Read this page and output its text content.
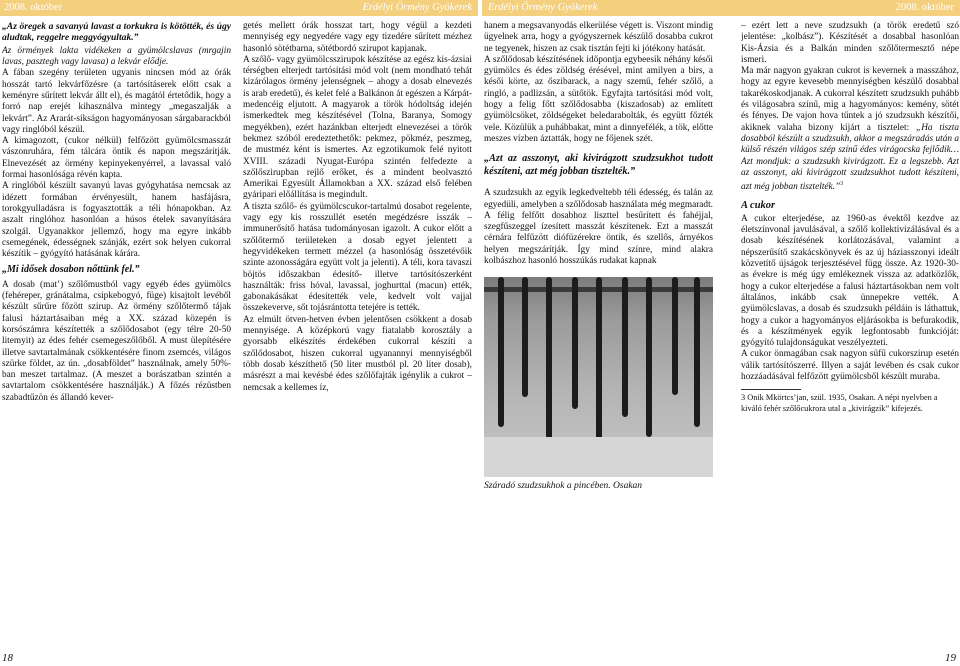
2008. október	Erdélyi Örmény Gyökerek

„Az öregek a savanyú lavast a torkukra is kötötték, és úgy aludtak, reggelre meggyógyultak.”

Az örmények lakta vidékeken a gyümölcslavas (mrgajin lavas, pasztegh vagy lavasa) a lekvár elődje.

A fában szegény területen ugyanis nincsen mód az órák hosszát tartó lekvárfőzésre (a tartósításerek előtt csak a keményre sűrített lekvár állt el), és magától értetődik, hogy a forró nap erejét kihasználva mintegy „megaszalják a lekvárt”. Az Ararát-síkságon hagyományosan sárgabarackból vagy ringlóból készül.

A kimagozott, (cukor nélkül) felfőzött gyümölcsmasszát vászonruhára, fém tálcára öntik és napon megszárítják. Elnevezését az örmény kepinyekenyérrel, a lavassal való formai hasonlósága révén kapta.

A ringlóból készült savanyú lavas gyógyhatása nemcsak az idézett formában érvényesült, hanem hasfájásra, torokgyulladásra is fogyasztották a téli hónapokban. Az aszalt ringlóhoz hasonlóan a húsos ételek savanyítására szolgál. Ugyanakkor jellemző, hogy ma egyre inkább csemegének, édességnek szánják, ezért sok helyen cukorral készítik – gyógyító hatásának kárára.

„Mi idősek dosabon nőttünk fel.”

A dosab (mat’) szőlőmustból vagy egyéb édes gyümölcs (fehéreper, gránátalma, csipkebogyó, füge) kisajtolt levéből készült sűrűre főzött szirup. Az örmény szőlőtermő tájak falusi háztartásaiban még a XX. század közepén is korsószámra készítették a szőlődosabot (egy télre 20-50 litemyit) az édes fehér csemegeszőlőből. A must ülepítésére illetve savtartalmának csökkentésére finom zsemcés, világos szürke földet, az ún. „dosabföldet” használnak, amely 50%-ban meszet tartalmaz. (A meszet a borászatban szintén a savtartalom csökkentésére használják.) A főzés rézüstben szabadtűzön és állandó kever-

getés mellett órák hosszat tart, hogy végül a kezdeti mennyiség egy negyedére vagy egy tizedére sűrített mézhez hasonló sötétbarna, sötétbordó szirupot kapjanak.

A szőlő- vagy gyümölcsszirupok készítése az egész kis-ázsiai térségben elterjedt tartósítási mód volt (nem mondható tehát kizárólagos örmény jelenségnek – ahogy a dosab elnevezés is arab eredetű), és kelet felé a Balkánon át egészen a Kárpát-medencéig eljutott. A magyarok a török hódoltság idején ismerkedtek meg készítésével (Tolna, Baranya, Somogy megyékben), ezért hazánkban elterjedt elnevezései a török bekmez szóból eredeztethetők: pekmez, pökméz, peszmeg, de mustméz ként is ismertes. Az egzotikumok felé nyitott XVIII. századi Nyugat-Európa szintén felfedezte a szőlőszirupban rejlő erőket, és a mindent beolvasztó Amerikai Egyesült Államokban a XX. század első felében gyáripari előállítása is megindult.

A tiszta szőlő- és gyümölcscukor-tartalmú dosabot regelente, vagy egy kis rosszullét esetén megédzésre isszák – immunerősítő hatása tudományosan igazolt. A cukor előtt a szőlőtermő területeken a dosab egyet jelentett a hegyvidékeken termett mézzel (a hasonlóság összetévőik szinte azonosságára együtt volt ja jelenti). A téli, kora tavaszi böjtös időszakban édesítő- illetve tartósítószerként használták: friss hóval, lavassal, joghurttal (macun) ették, gabonakásákat édesítették vele, kedvelt volt vajjal összekeverve, sőt tojásrántotta tetejére is tették.

Az elmúlt ötven-hetven évben jelentősen csökkent a dosab mennyisége. A középkorú vagy fiatalabb korosztály a gyorsabb elkészítés érdekében cukorral készíti a szőlődosabot, hiszen cukorral ugyanannyi mennyiségből több dosab készíthető (50 liter mustból pl. 20 liter dosab), másrészt a mai kevésbé édes szőlőfajták igénylik a cukrot – nemcsak a kellemes íz,

18
Erdélyi Örmény Gyökerek	2008. október

hanem a megsavanyodás elkerülése végett is. Viszont mindig ügyelnek arra, hogy a gyógyszernek készülő dosabba cukrot ne tegyenek, hiszen az csak tisztán fejti ki jótékony hatását.

A szőlődosab készítésének időpontja egybeesik néhány késői gyümölcs és édes zöldség érésével, mint amilyen a birs, a késői körte, az őszibarack, a nagy szemű, fehér szőlő, a ringló, a padlizsán, a sütőtök. Egyfajta tartósítási mód volt, hogy a felig főtt szőlődosabba (kiszadosab) az említett gyümölcsöket, zöldségeket beledarabolták, és együtt főzték vele. Közülük a puhábbakat, mint a dinnyefélék, a tök, előtte meszes vízben áztatták, hogy ne főjenek szét.

„Azt az asszonyt, aki kivirágzott szudzsukhot tudott készíteni, azt még jobban tisztelték.”

A szudzsukh az egyik legkedveltebb téli édesség, és talán az egyedüli, amelyben a szőlődosab használata még megmaradt. A félig felfőtt dosabhoz liszttel besűrített és fahéjjal, szegfűszeggel ízesített masszát készítenek. Ezt a masszát cérnára felfűzött diófüzérekre öntik, és szellős, árnyékos helyen megszárítják. Így mind színre, mind alakra kolbászhoz hasonló hosszúkás rudakat kapnak

Száradó szudzsukhok a pincében. Osakan

– ezért lett a neve szudzsukh (a török eredetű szó jelentése: „kolbász”). Készítését a dosabbal hasonlóan Kis-Ázsia és a Balkán minden szőlőtermesztő népe ismeri.

Ma már nagyon gyakran cukrot is kevernek a masszához, hogy az egyre kevesebb mennyiségben készülő dosabbal takarékoskodjanak. A cukorral készített szudzsukh puhább és világosabra színű, mig a hagyományos: kemény, sötét és fényes. De vajon hova tűntek a jó szudzsukh készítői, akiknek valaha bizony kijárt a tisztelet: „Ha tiszta dosabból készült a szudzsukh, akkor a megszáradás után a külső részén világos szép színű édes virágocska fejlődik… Azt mondjuk: a szudzsukh kivirágzott. Ez a legszebb. Azt az asszonyt, aki kivirágzott szudzsukhot tudott készíteni, azt még jobban tisztelték.”$^3$

A cukor

A cukor elterjedése, az 1960-as évektől kezdve az életszínvonal javulásával, a szőlő kollektivizálásával és a dosab készítésének korlátozásával, valamint a népszerűsítő szakácskönyvek és az új háziasszonyi ideált közvetítő újságok terjesztésével függ össze. Az 1920-30-as évekre is még úgy emlékeznek vissza az adatközlők, hogy a cukor elterjedése a falusi háztartásokban nem volt általános, inkább csak ünnepekre vették. A gyümölcslavas, a dosab és szudzsukh példáin is láthattuk, hogy a cukor a hagyományos eljárásokba is befurakodik, és a készítmények egyik legfontosabb funkcióját: gyógyító tulajdonságukat veszélyezteti.

A cukor önmagában csak nagyon süfű cukorszirup esetén válik tartósítószerré. Illyen a saját levében és csak cukor hozzáadásával felfőzött gyümölcsből készült muraba.

3 Onik Mkörtcs’jan, szül. 1935, Osakan. A népi nyelvben a kiváló fehér szőlőcukrora utal a „kivirágzik” kifejezés.

19
